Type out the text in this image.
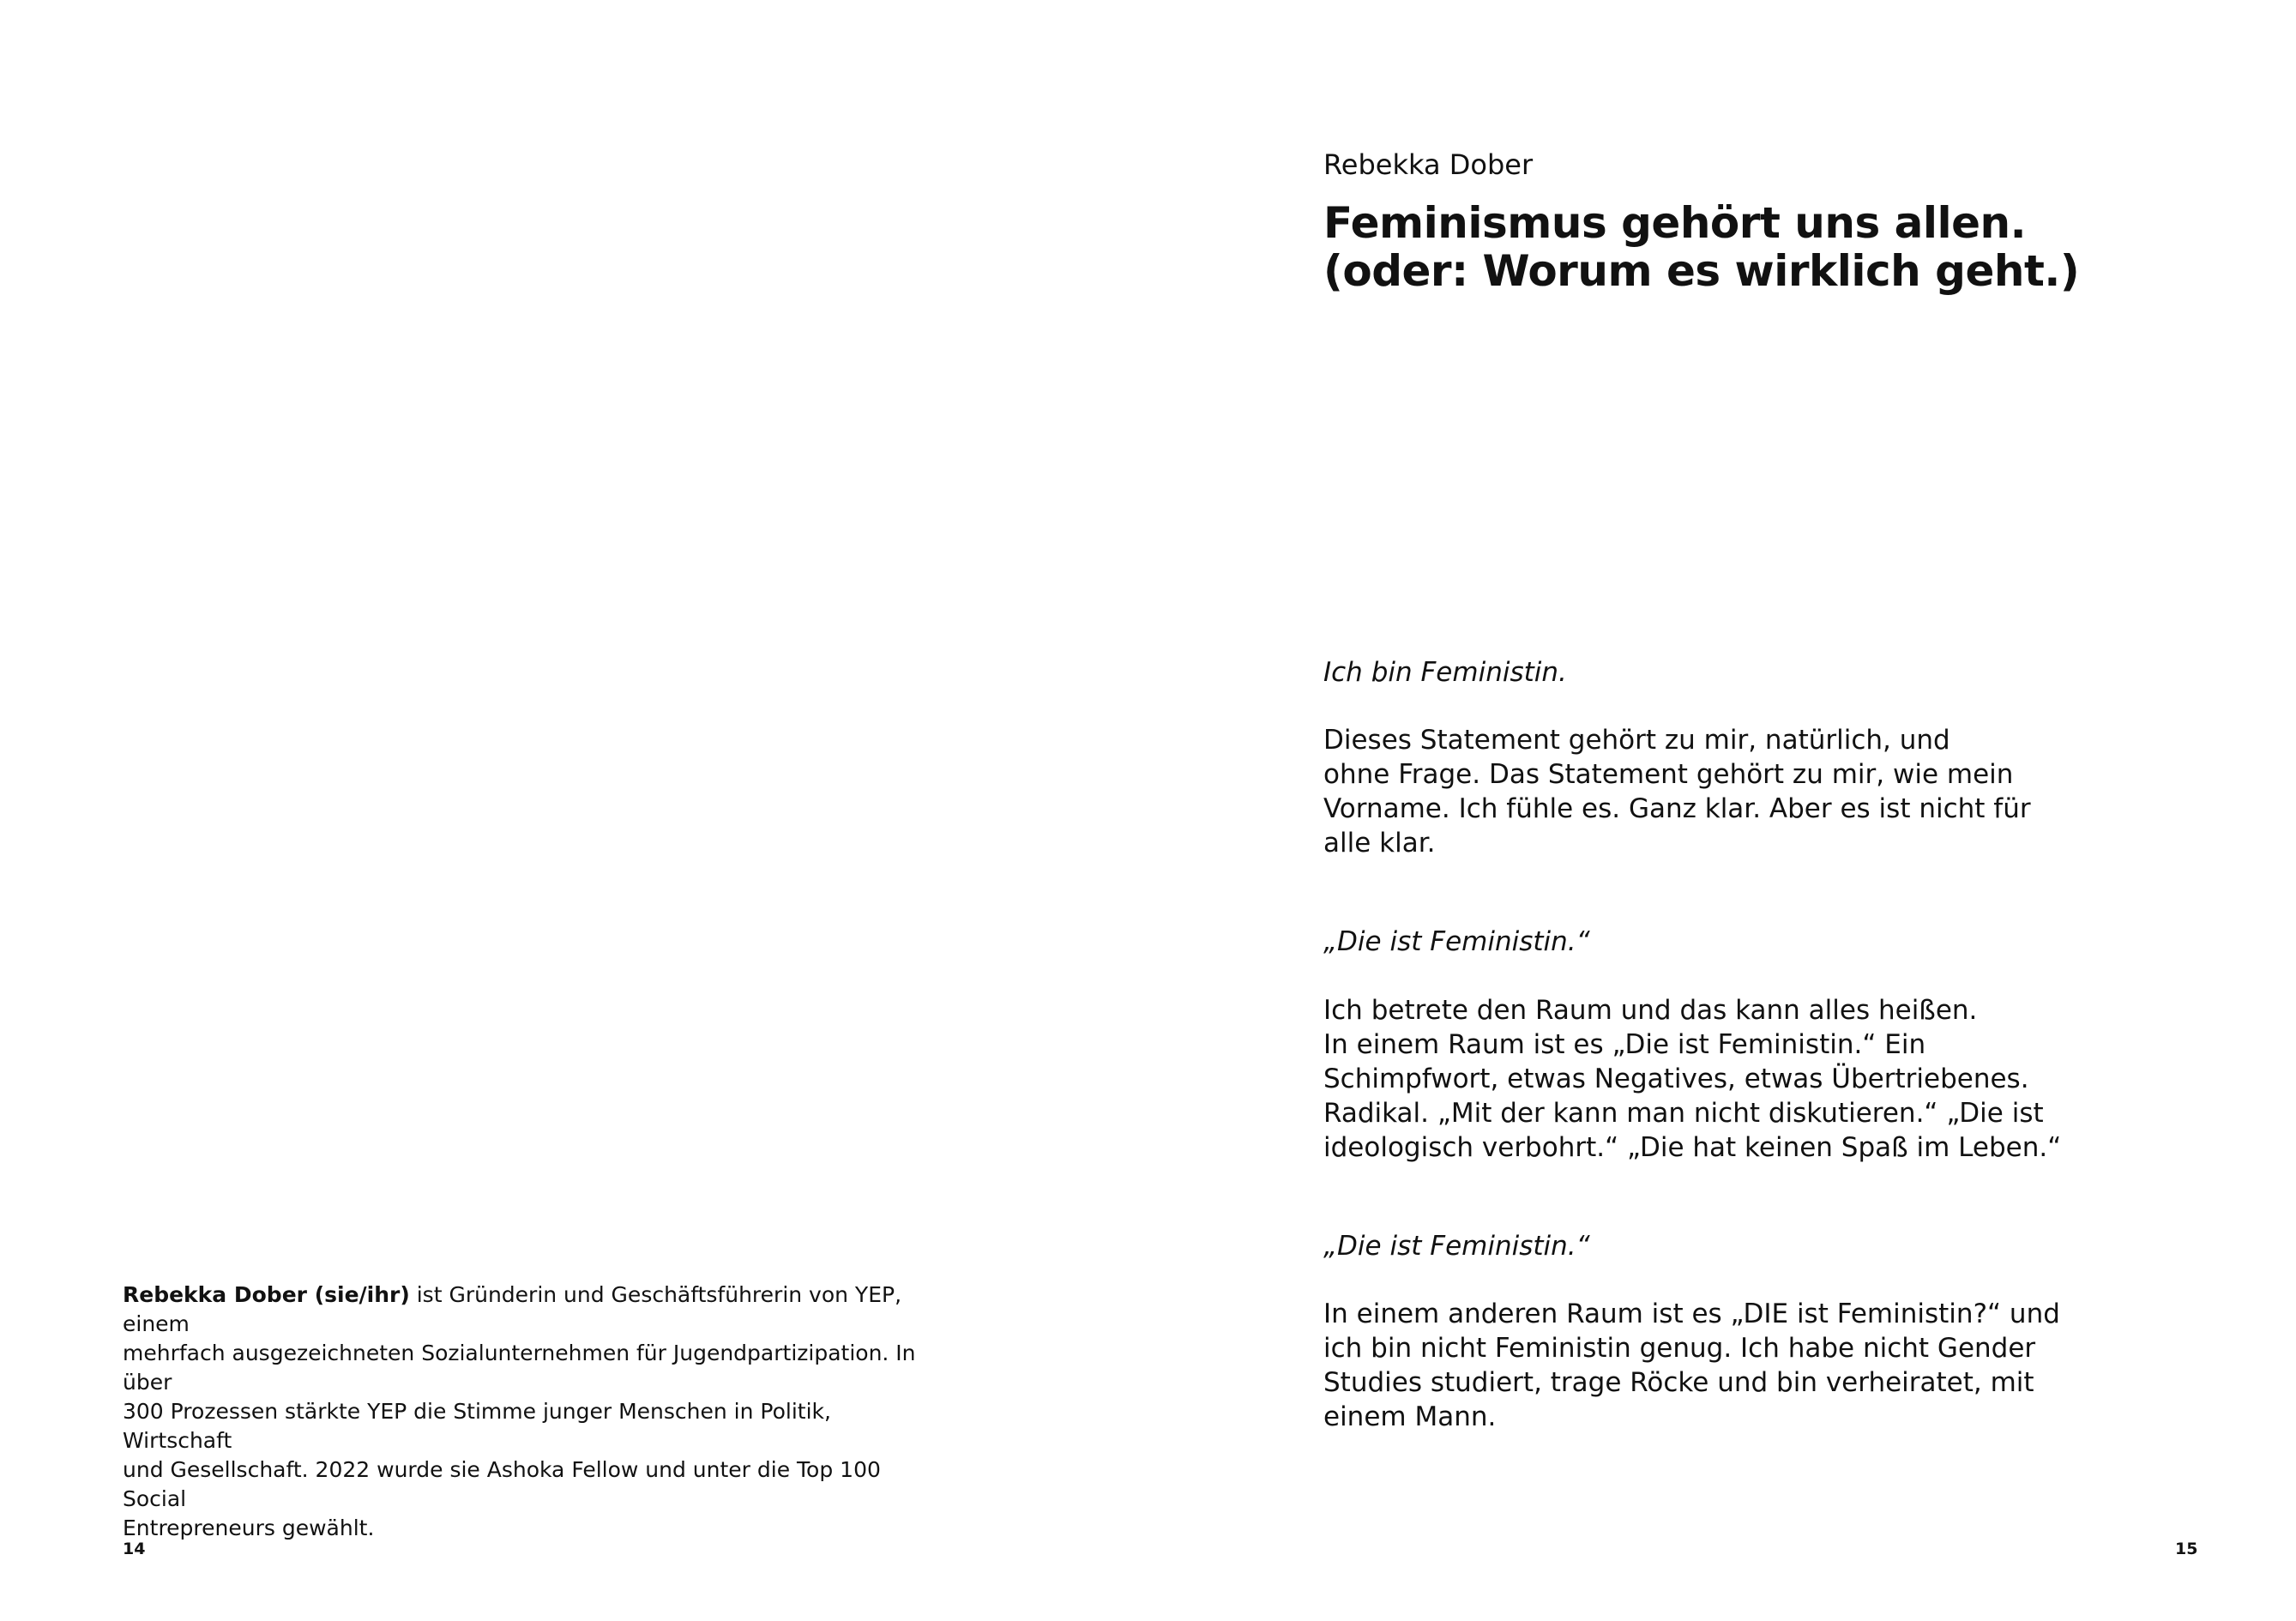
Rebekka Dober (sie/ihr) ist Gründerin und Geschäftsführerin von YEP, einem
mehrfach ausgezeichneten Sozialunternehmen für Jugendpartizipation. In über
300 Prozessen stärkte YEP die Stimme junger Menschen in Politik, Wirtschaft
und Gesellschaft. 2022 wurde sie Ashoka Fellow und unter die Top 100 Social
Entrepreneurs gewählt.

14

Rebekka Dober

Feminismus gehört uns allen.
(oder: Worum es wirklich geht.)

Ich bin Feministin.

Dieses Statement gehört zu mir, natürlich, und
ohne Frage. Das Statement gehört zu mir, wie mein
Vorname. Ich fühle es. Ganz klar. Aber es ist nicht für
alle klar.

„Die ist Feministin.“

Ich betrete den Raum und das kann alles heißen.
In einem Raum ist es „Die ist Feministin.“ Ein
Schimpfwort, etwas Negatives, etwas Übertriebenes.
Radikal. „Mit der kann man nicht diskutieren.“ „Die ist
ideologisch verbohrt.“ „Die hat keinen Spaß im Leben.“

„Die ist Feministin.“

In einem anderen Raum ist es „DIE ist Feministin?“ und
ich bin nicht Feministin genug. Ich habe nicht Gender
Studies studiert, trage Röcke und bin verheiratet, mit
einem Mann.

15
